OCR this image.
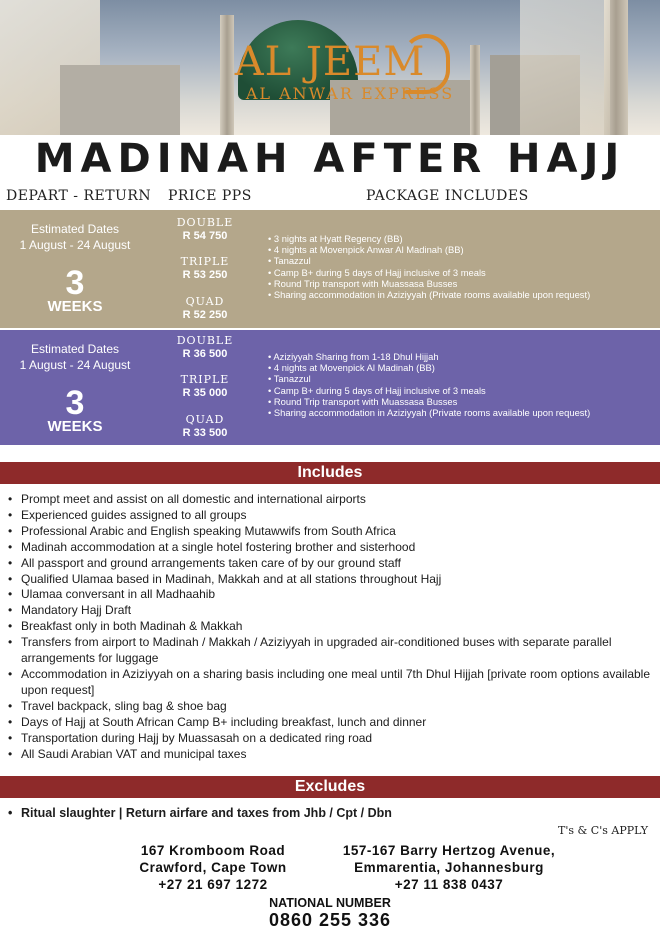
AL JEEM
AL ANWAR EXPRESS
MADINAH AFTER HAJJ
DEPART - RETURN PRICE PPS	PACKAGE INCLUDES
Estimated Dates
1 August - 24 August
3
WEEKS
DOUBLE
R 54 750
TRIPLE
R 53 250
QUAD
R 52 250
• 3 nights at Hyatt Regency (BB)
• 4 nights at Movenpick Anwar Al Madinah (BB)
• Tanazzul
• Camp B+ during 5 days of Hajj inclusive of 3 meals
• Round Trip transport with Muassasa Busses
• Sharing accommodation in Aziziyyah (Private rooms available upon request)
Estimated Dates
1 August - 24 August
3
WEEKS
DOUBLE
R 36 500
TRIPLE
R 35 000
QUAD
R 33 500
• Aziziyyah Sharing from 1-18 Dhul Hijjah
• 4 nights at Movenpick Al Madinah (BB)
• Tanazzul
• Camp B+ during 5 days of Hajj inclusive of 3 meals
• Round Trip transport with Muassasa Busses
• Sharing accommodation in Aziziyyah (Private rooms available upon request)
Includes
• Prompt meet and assist on all domestic and international airports
• Experienced guides assigned to all groups
• Professional Arabic and English speaking Mutawwifs from South Africa
• Madinah accommodation at a single hotel fostering brother and sisterhood
• All passport and ground arrangements taken care of by our ground staff
• Qualified Ulamaa based in Madinah, Makkah and at all stations throughout Hajj
• Ulamaa conversant in all Madhaahib
• Mandatory Hajj Draft
• Breakfast only in both Madinah & Makkah
• Transfers from airport to Madinah / Makkah / Aziziyyah in upgraded air-conditioned buses with separate parallel arrangements for luggage
• Accommodation in Aziziyyah on a sharing basis including one meal until 7th Dhul Hijjah [private room options available upon request]
• Travel backpack, sling bag & shoe bag
• Days of Hajj at South African Camp B+ including breakfast, lunch and dinner
• Transportation during Hajj by Muassasah on a dedicated ring road
• All Saudi Arabian VAT and municipal taxes
Excludes
• Ritual slaughter | Return airfare and taxes from Jhb / Cpt / Dbn
T's & C's APPLY
167 Kromboom Road
Crawford, Cape Town
+27 21 697 1272
157-167 Barry Hertzog Avenue,
Emmarentia, Johannesburg
+27 11 838 0437
NATIONAL NUMBER
0860 255 336
